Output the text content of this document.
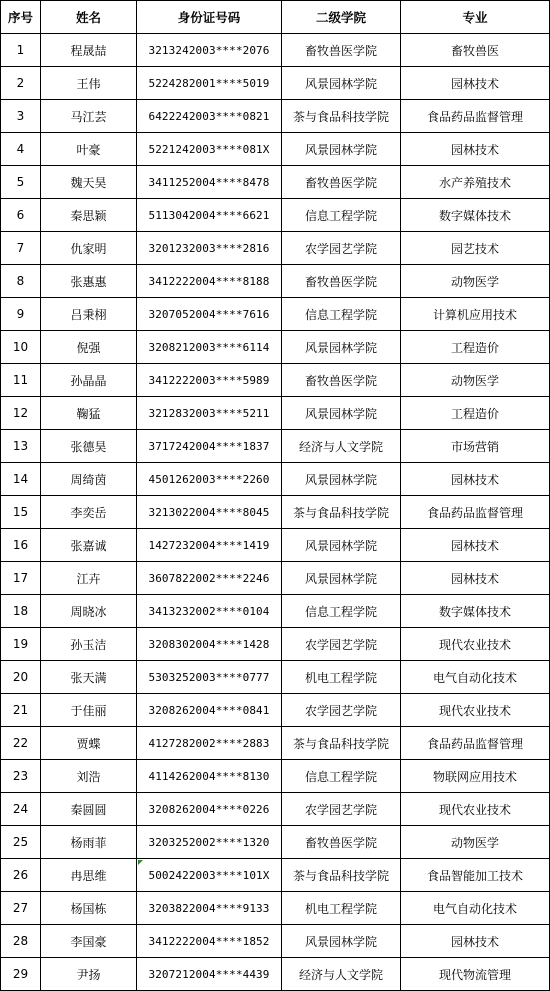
序号	姓名	身份证号码	二级学院	专业
1	程晟喆	3213242003****2076	畜牧兽医学院	畜牧兽医
2	王伟	5224282001****5019	风景园林学院	园林技术
3	马江芸	6422242003****0821	茶与食品科技学院	食品药品监督管理
4	叶豪	5221242003****081X	风景园林学院	园林技术
5	魏天昊	3411252004****8478	畜牧兽医学院	水产养殖技术
6	秦思颖	5113042004****6621	信息工程学院	数字媒体技术
7	仇家明	3201232003****2816	农学园艺学院	园艺技术
8	张惠惠	3412222004****8188	畜牧兽医学院	动物医学
9	吕秉栩	3207052004****7616	信息工程学院	计算机应用技术
10	倪强	3208212003****6114	风景园林学院	工程造价
11	孙晶晶	3412222003****5989	畜牧兽医学院	动物医学
12	鞠猛	3212832003****5211	风景园林学院	工程造价
13	张德昊	3717242004****1837	经济与人文学院	市场营销
14	周绮茵	4501262003****2260	风景园林学院	园林技术
15	李奕岳	3213022004****8045	茶与食品科技学院	食品药品监督管理
16	张嘉诚	1427232004****1419	风景园林学院	园林技术
17	江卉	3607822002****2246	风景园林学院	园林技术
18	周晓冰	3413232002****0104	信息工程学院	数字媒体技术
19	孙玉洁	3208302004****1428	农学园艺学院	现代农业技术
20	张天满	5303252003****0777	机电工程学院	电气自动化技术
21	于佳丽	3208262004****0841	农学园艺学院	现代农业技术
22	贾蝶	4127282002****2883	茶与食品科技学院	食品药品监督管理
23	刘浩	4114262004****8130	信息工程学院	物联网应用技术
24	秦圆圆	3208262004****0226	农学园艺学院	现代农业技术
25	杨雨菲	3203252002****1320	畜牧兽医学院	动物医学
26	冉思维	5002422003****101X	茶与食品科技学院	食品智能加工技术
27	杨国栋	3203822004****9133	机电工程学院	电气自动化技术
28	李国豪	3412222004****1852	风景园林学院	园林技术
29	尹扬	3207212004****4439	经济与人文学院	现代物流管理
